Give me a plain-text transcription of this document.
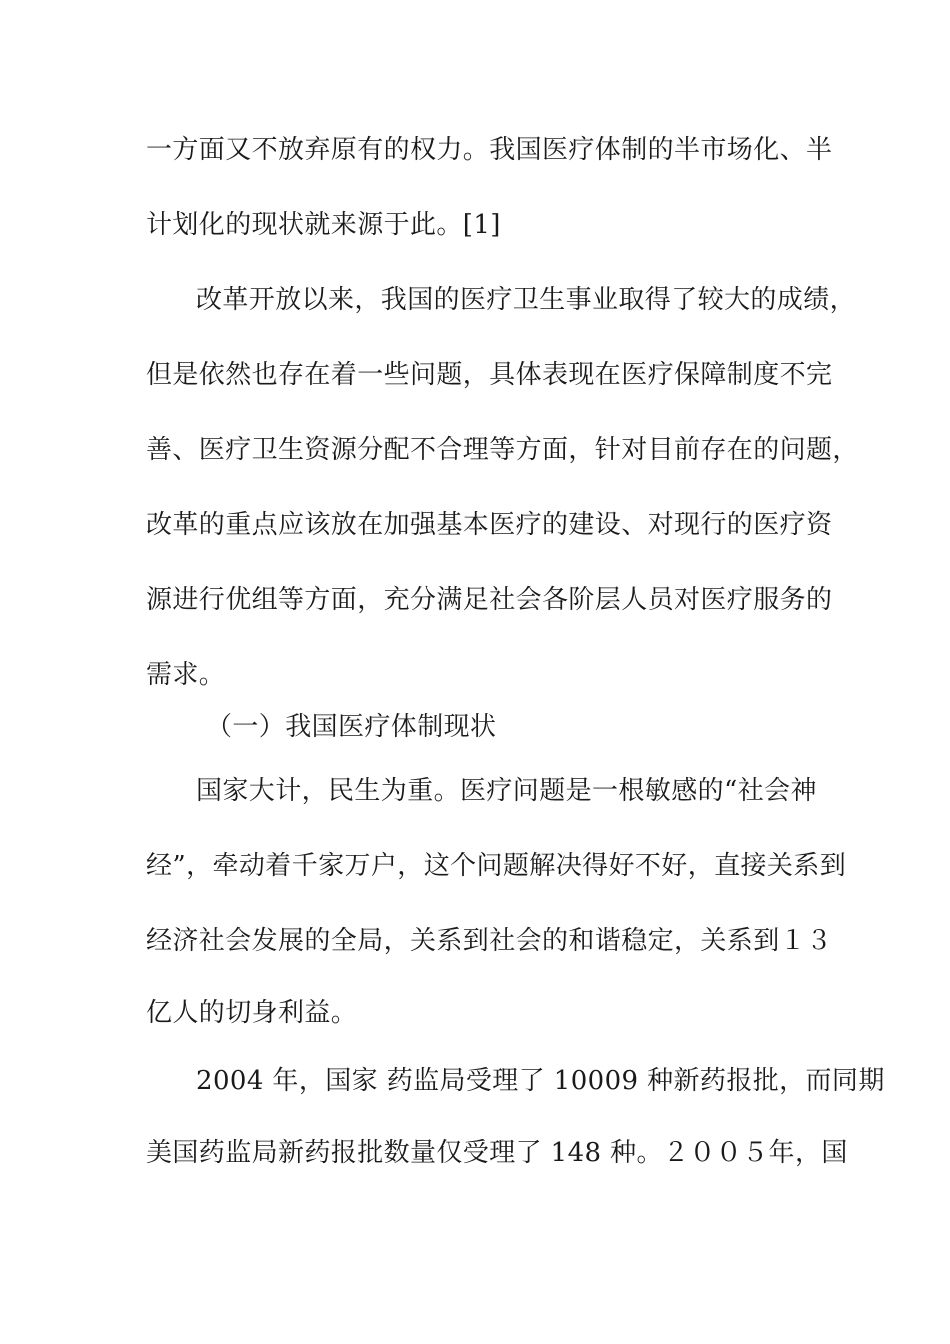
一方面又不放弃原有的权力。我国医疗体制的半市场化、半
计划化的现状就来源于此。[1]
改革开放以来，我国的医疗卫生事业取得了较大的成绩，
但是依然也存在着一些问题，具体表现在医疗保障制度不完
善、医疗卫生资源分配不合理等方面，针对目前存在的问题，
改革的重点应该放在加强基本医疗的建设、对现行的医疗资
源进行优组等方面，充分满足社会各阶层人员对医疗服务的
需求。
（一）我国医疗体制现状
国家大计，民生为重。医疗问题是一根敏感的“社会神
经”，牵动着千家万户，这个问题解决得好不好，直接关系到
经济社会发展的全局，关系到社会的和谐稳定，关系到１３
亿人的切身利益。
2004 年，国家 药监局受理了 10009 种新药报批，而同期
美国药监局新药报批数量仅受理了 148 种。２００５年，国
